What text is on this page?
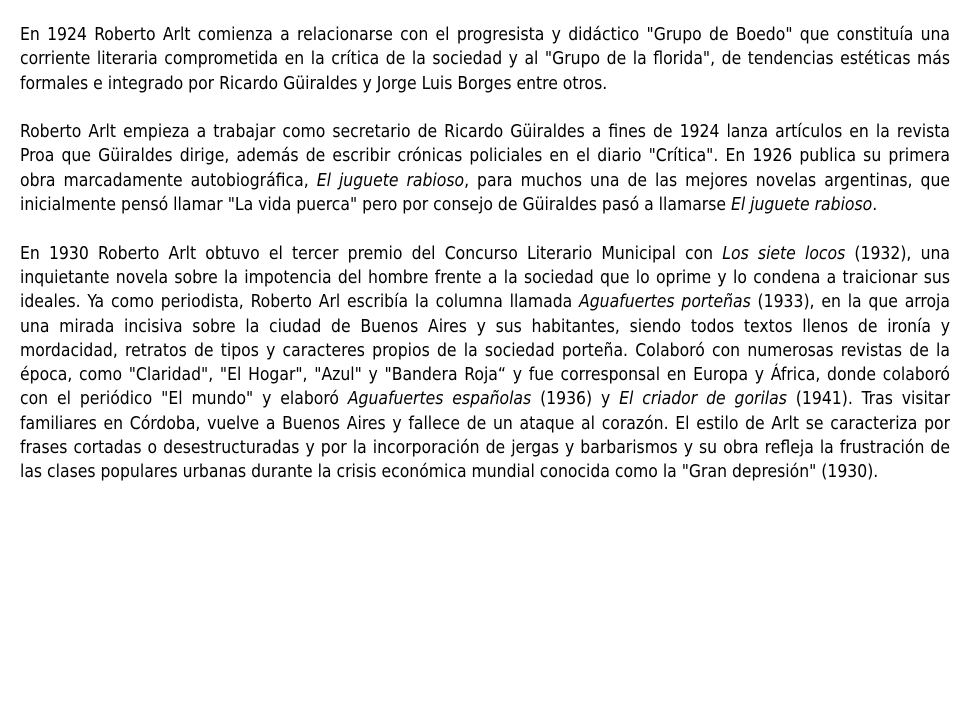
En 1924 Roberto Arlt comienza a relacionarse con el progresista y didáctico "Grupo de Boedo" que constituía una corriente literaria comprometida en la crítica de la sociedad y al "Grupo de la florida", de tendencias estéticas más formales e integrado por Ricardo Güiraldes y Jorge Luis Borges entre otros.

Roberto Arlt empieza a trabajar como secretario de Ricardo Güiraldes a fines de 1924 lanza artículos en la revista Proa que Güiraldes dirige, además de escribir crónicas policiales en el diario "Crítica". En 1926 publica su primera obra marcadamente autobiográfica, El juguete rabioso, para muchos una de las mejores novelas argentinas, que inicialmente pensó llamar "La vida puerca" pero por consejo de Güiraldes pasó a llamarse El juguete rabioso.

En 1930 Roberto Arlt obtuvo el tercer premio del Concurso Literario Municipal con Los siete locos (1932), una inquietante novela sobre la impotencia del hombre frente a la sociedad que lo oprime y lo condena a traicionar sus ideales. Ya como periodista, Roberto Arl escribía la columna llamada Aguafuertes porteñas (1933), en la que arroja una mirada incisiva sobre la ciudad de Buenos Aires y sus habitantes, siendo todos textos llenos de ironía y mordacidad, retratos de tipos y caracteres propios de la sociedad porteña. Colaboró con numerosas revistas de la época, como "Claridad", "El Hogar", "Azul" y "Bandera Roja“ y fue corresponsal en Europa y África, donde colaboró con el periódico "El mundo" y elaboró Aguafuertes españolas (1936) y El criador de gorilas (1941). Tras visitar familiares en Córdoba, vuelve a Buenos Aires y fallece de un ataque al corazón. El estilo de Arlt se caracteriza por frases cortadas o desestructuradas y por la incorporación de jergas y barbarismos y su obra refleja la frustración de las clases populares urbanas durante la crisis económica mundial conocida como la "Gran depresión" (1930).
